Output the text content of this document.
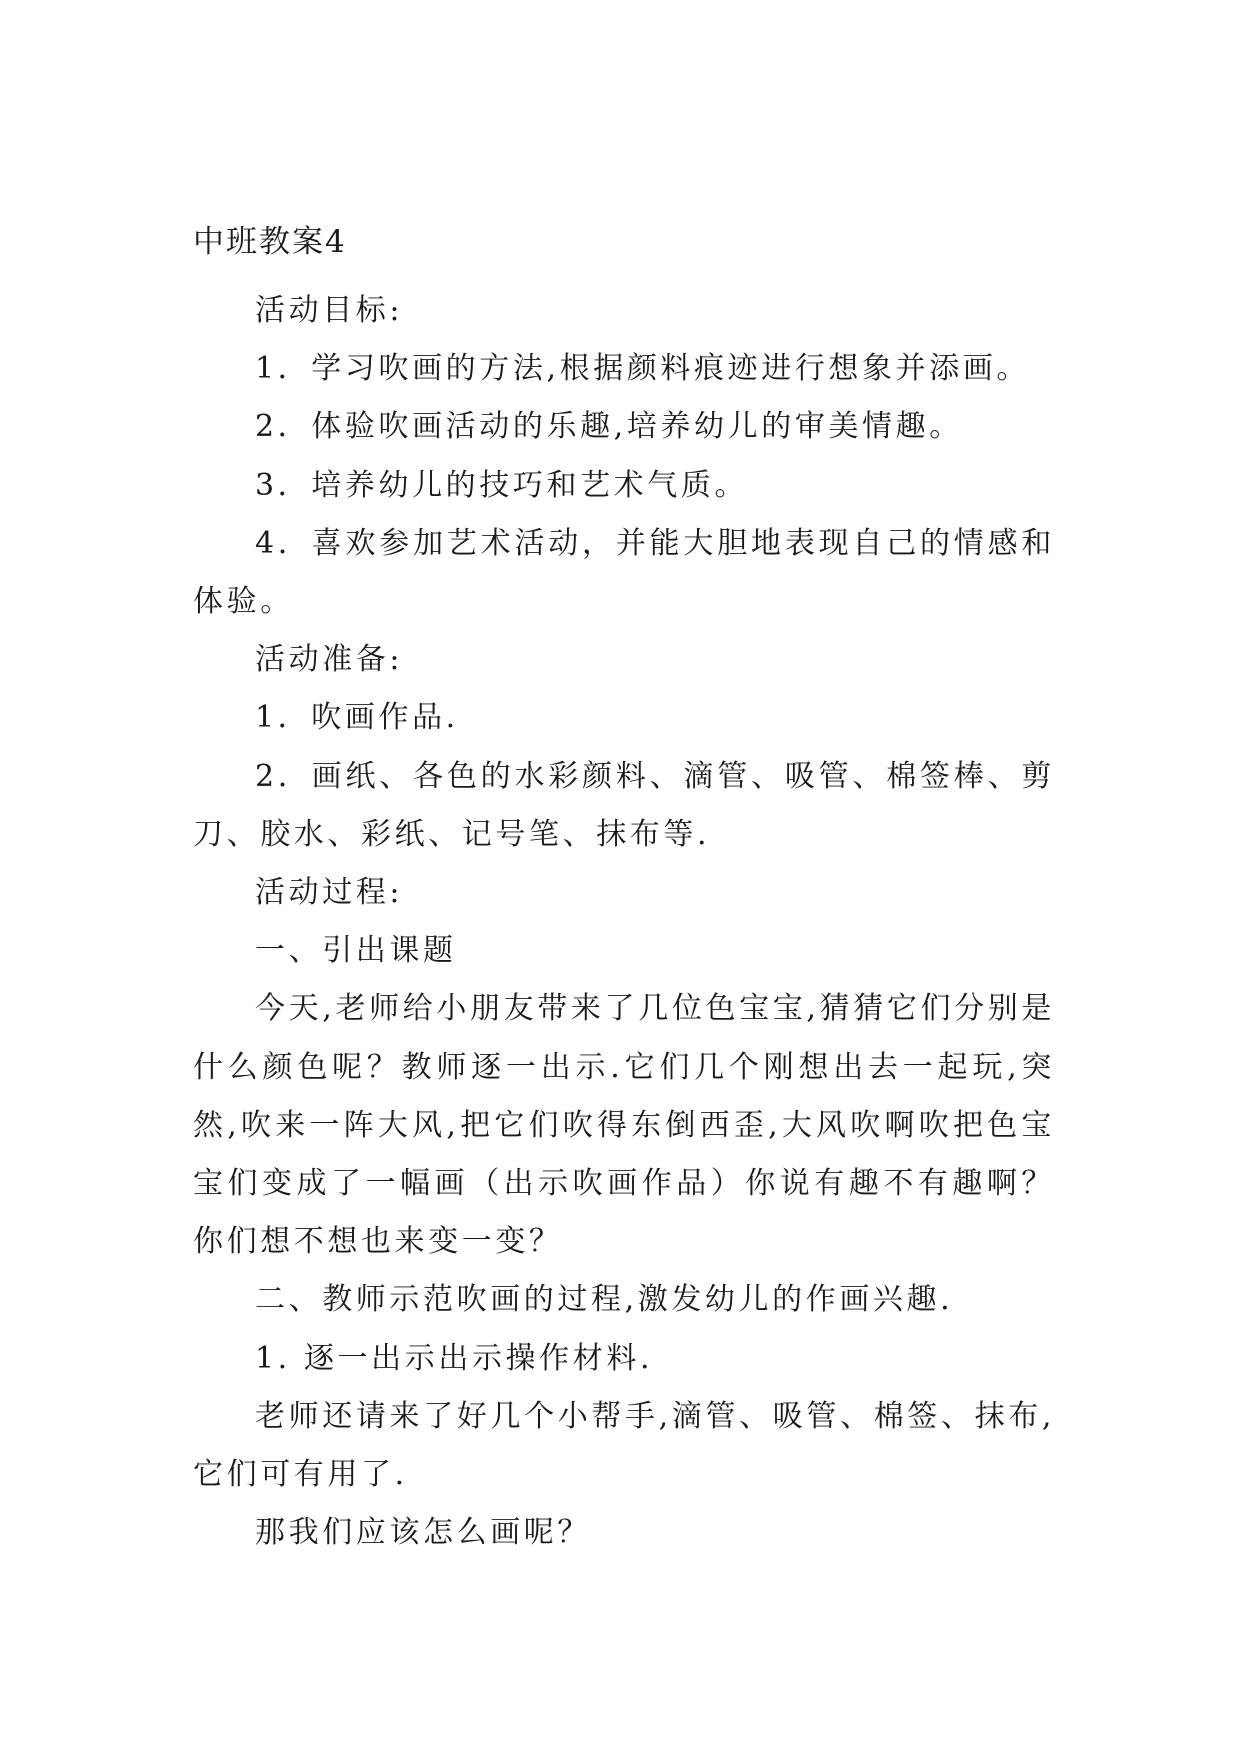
中班教案4

活动目标:

1．学习吹画的方法,根据颜料痕迹进行想象并添画。

2．体验吹画活动的乐趣,培养幼儿的审美情趣。

3．培养幼儿的技巧和艺术气质。

4．喜欢参加艺术活动，并能大胆地表现自己的情感和体验。

活动准备:

1．吹画作品.

2．画纸、各色的水彩颜料、滴管、吸管、棉签棒、剪刀、胶水、彩纸、记号笔、抹布等.

活动过程:

一、引出课题

今天,老师给小朋友带来了几位色宝宝,猜猜它们分别是什么颜色呢？教师逐一出示.它们几个刚想出去一起玩,突然,吹来一阵大风,把它们吹得东倒西歪,大风吹啊吹把色宝宝们变成了一幅画（出示吹画作品）你说有趣不有趣啊？你们想不想也来变一变？

二、教师示范吹画的过程,激发幼儿的作画兴趣.

1. 逐一出示出示操作材料.

老师还请来了好几个小帮手,滴管、吸管、棉签、抹布,它们可有用了.

那我们应该怎么画呢？
